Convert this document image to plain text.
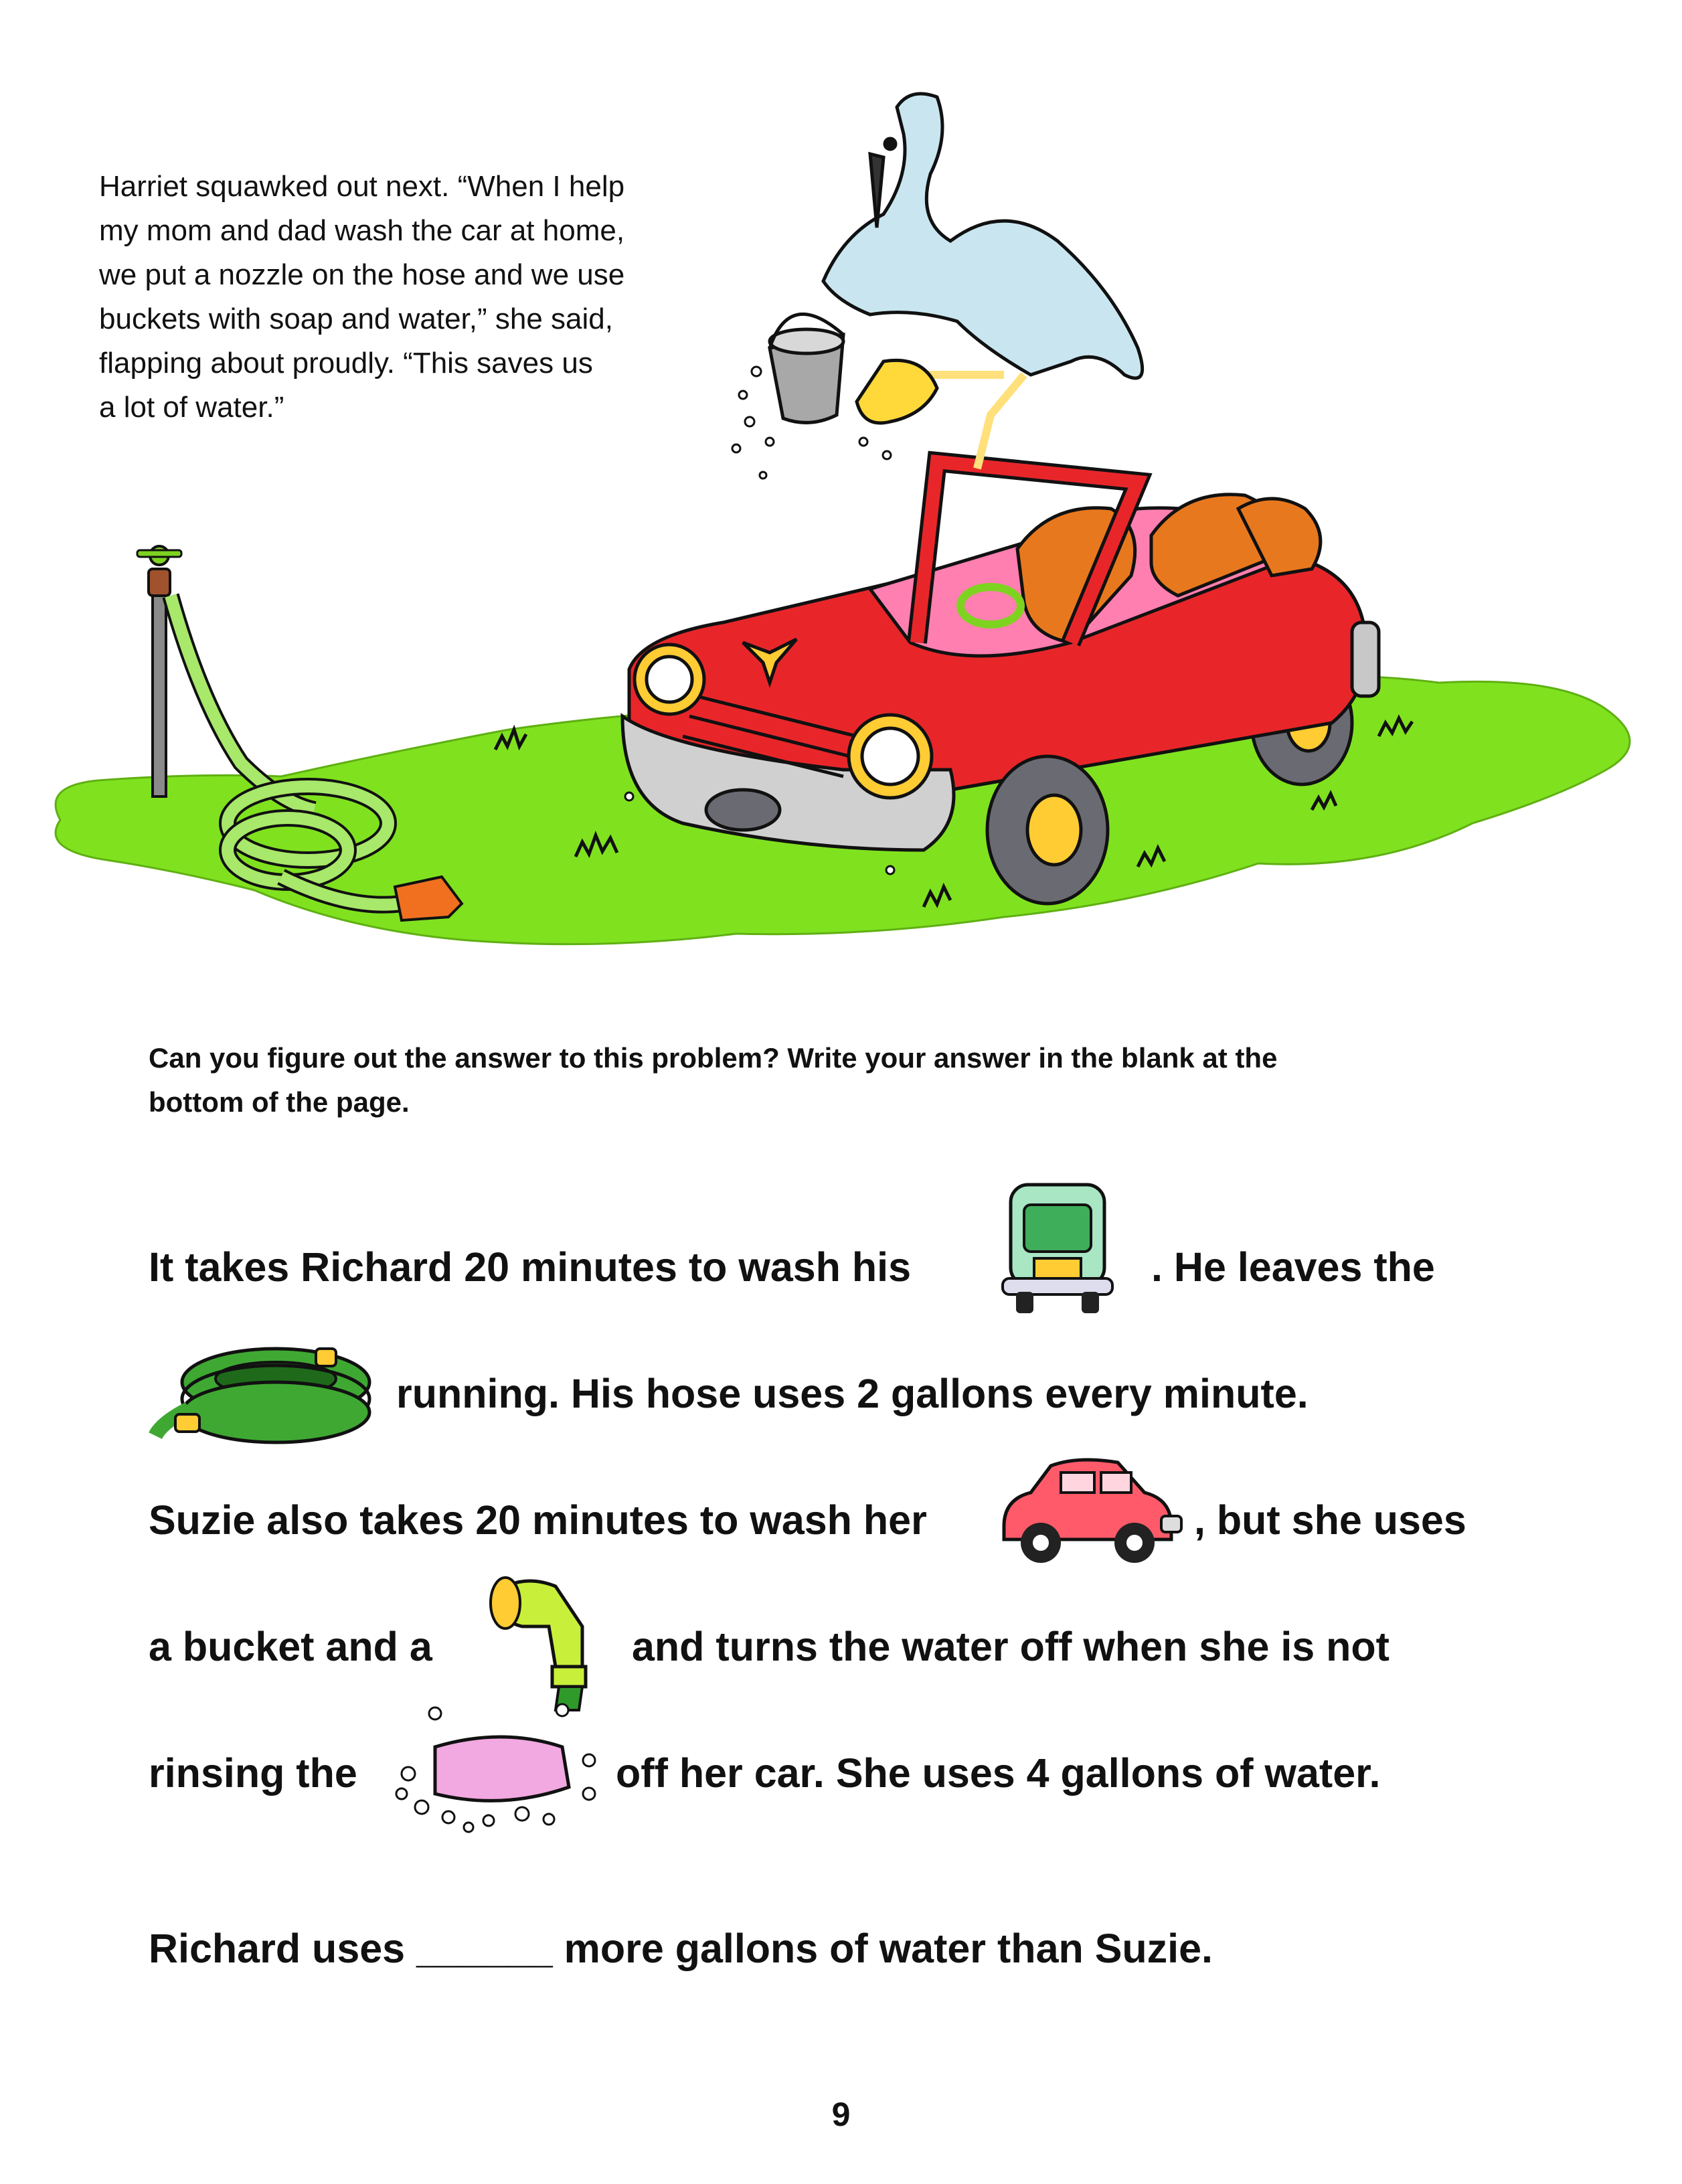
Harriet squawked out next. “When I help
my mom and dad wash the car at home,
we put a nozzle on the hose and we use
buckets with soap and water,” she said,
flapping about proudly. “This saves us
a lot of water.”
Can you figure out the answer to this problem? Write your answer in the blank at the
bottom of the page.
It takes Richard 20 minutes to wash his	. He leaves the
running. His hose uses 2 gallons every minute.
Suzie also takes 20 minutes to wash her	, but she uses
a bucket and a	and turns the water off when she is not
rinsing the	off her car. She uses 4 gallons of water.
Richard uses ______ more gallons of water than Suzie.
9
